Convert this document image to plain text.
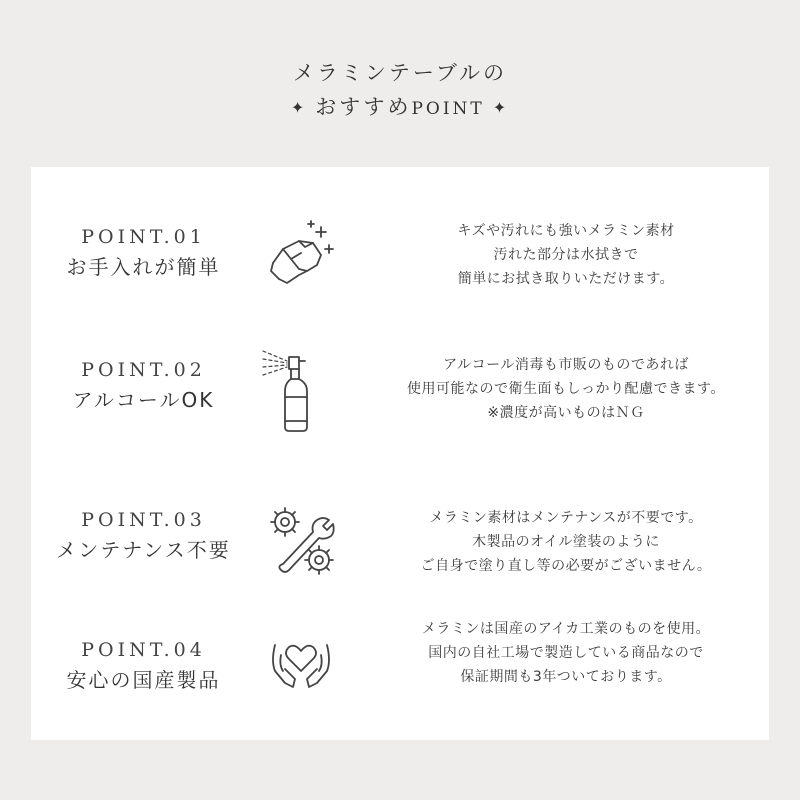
メラミンテーブルの
✦ おすすめPOINT ✦
POINT.01
お手入れが簡単
キズや汚れにも強いメラミン素材
汚れた部分は水拭きで
簡単にお拭き取りいただけます。
POINT.02
アルコールOK
アルコール消毒も市販のものであれば
使用可能なので衛生面もしっかり配慮できます。
※濃度が高いものはＮＧ
POINT.03
メンテナンス不要
メラミン素材はメンテナンスが不要です。
木製品のオイル塗装のように
ご自身で塗り直し等の必要がございません。
POINT.04
安心の国産製品
メラミンは国産のアイカ工業のものを使用。
国内の自社工場で製造している商品なので
保証期間も3年ついております。
